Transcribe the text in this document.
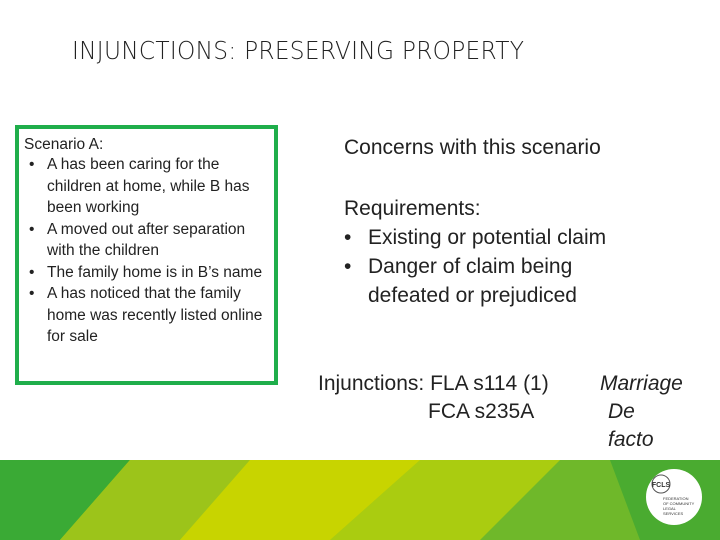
INJUNCTIONS: PRESERVING PROPERTY
Scenario A:
• A has been caring for the children at home, while B has been working
• A moved out after separation with the children
• The family home is in B’s name
• A has noticed that the family home was recently listed online for sale
Concerns with this scenario
Requirements:
• Existing or potential claim
• Danger of claim being defeated or prejudiced
Injunctions: FLA s114 (1) Marriage
FCA s235A	De facto
FCLS
FEDERATION
OF COMMUNITY
LEGAL
SERVICES
